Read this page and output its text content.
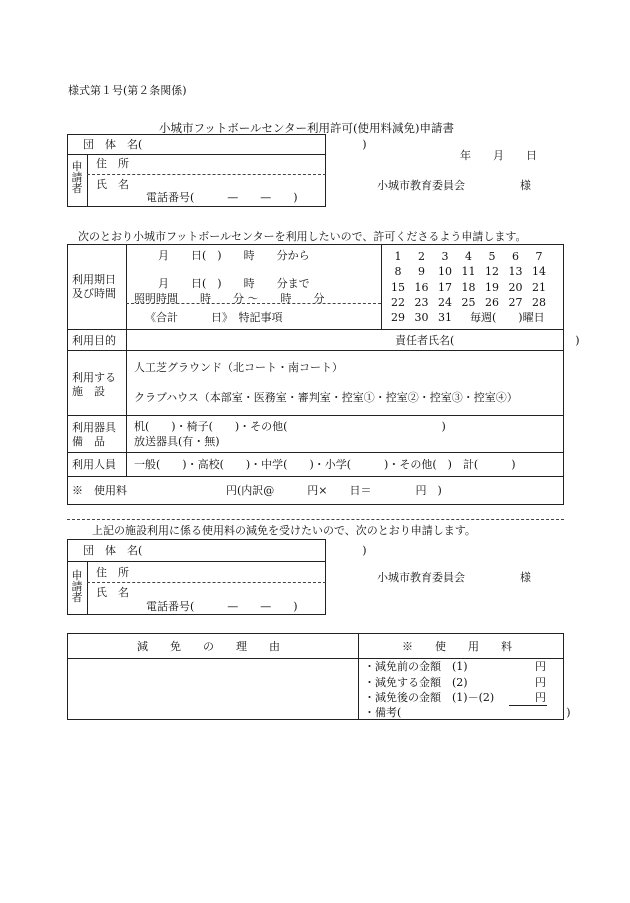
様式第１号(第２条関係)
小城市フットボールセンター利用許可(使用料減免)申請書
団　体　名(　　　　　　　　　　　　　　　　　　　　)
申請者
住　所
氏　名
電話番号(　　　—　　—　　)
年　　月　　日
小城市教育委員会　　　　　様
次のとおり小城市フットボールセンターを利用したいので、許可くださるよう申請します。
利用期日
及び時間
月　　日(　)　　時　　分から
月　　日(　)　　時　　分まで
照明時間　　時　　分 ～　　時　　分
《合計　　　日》　特記事項
1	2	3	4	5	6	7
8	9	10 11 12 13 14
15 16 17 18 19 20 21
22 23 24 25 26 27 28
29 30 31 毎週(　　)曜日
利用目的	責任者氏名(　　　　　　　　　　　)
利用する
施　設
人工芝グラウンド（北コート・南コート）
クラブハウス（本部室・医務室・審判室・控室①・控室②・控室③・控室④）
利用器具
備　品
机(　　)・椅子(　　)・その他(　　　　　　　　　　　　　　)
放送器具(有・無)
利用人員 一般(　　)・高校(　　)・中学(　　)・小学(　　　)・その他(　)　計(　　　)
※　使用料	円(内訳@　　　円×　　日＝　　　　円　)
上記の施設利用に係る使用料の減免を受けたいので、次のとおり申請します。
団　体　名(　　　　　　　　　　　　　　　　　　　　)
申請者
住　所
氏　名
電話番号(　　　—　　—　　)
小城市教育委員会　　　　　様
減　　免　　の　　理　　由	※　　使　　用　　料
・減免前の金額　(1)	円
・減免する金額　(2)	円
・減免後の金額　(1)－(2)	円
・備考(　　　　　　　　　　　　　　　)
